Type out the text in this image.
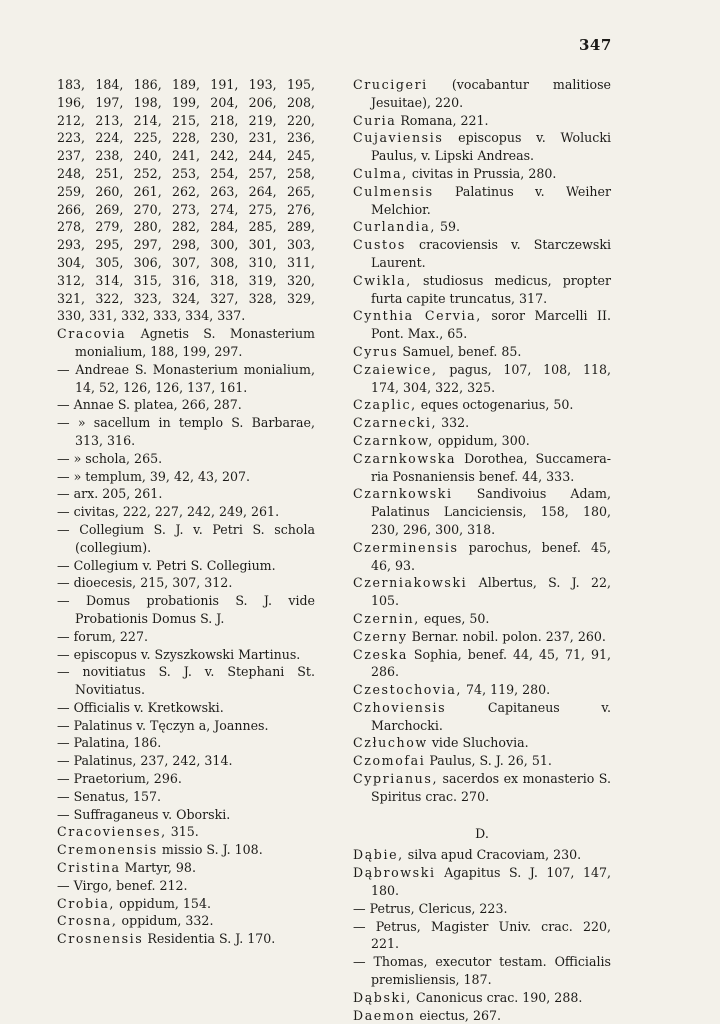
347

183, 184, 186, 189, 191, 193, 195,

196, 197, 198, 199, 204, 206, 208,

212, 213, 214, 215, 218, 219, 220,

223, 224, 225, 228, 230, 231, 236,

237, 238, 240, 241, 242, 244, 245,

248, 251, 252, 253, 254, 257, 258,

259, 260, 261, 262, 263, 264, 265,

266, 269, 270, 273, 274, 275, 276,

278, 279, 280, 282, 284, 285, 289,

293, 295, 297, 298, 300, 301, 303,

304, 305, 306, 307, 308, 310, 311,

312, 314, 315, 316, 318, 319, 320,

321, 322, 323, 324, 327, 328, 329,

330, 331, 332, 333, 334, 337.

Cracovia Agnetis S. Monasterium monialium, 188, 199, 297.

— Andreae S. Monasterium monialium, 14, 52, 126, 126, 137, 161.

— Annae S. platea, 266, 287.

— » sacellum in templo S. Barbarae, 313, 316.

— » schola, 265.

— » templum, 39, 42, 43, 207.

— arx. 205, 261.

— civitas, 222, 227, 242, 249, 261.

— Collegium S. J. v. Petri S. schola (collegium).

— Collegium v. Petri S. Collegium.

— dioecesis, 215, 307, 312.

— Domus probationis S. J. vide Probationis Domus S. J.

— forum, 227.

— episcopus v. Szyszkowski Martinus.

— novitiatus S. J. v. Stephani St. Novitiatus.

— Officialis v. Kretkowski.

— Palatinus v. Tęczyn a, Joannes.

— Palatina, 186.

— Palatinus, 237, 242, 314.

— Praetorium, 296.

— Senatus, 157.

— Suffraganeus v. Oborski.

Cracovienses, 315.

Cremonensis missio S. J. 108.

Cristina Martyr, 98.

— Virgo, benef. 212.

Crobia, oppidum, 154.

Crosna, oppidum, 332.

Crosnensis Residentia S. J. 170.

Crucigeri (vocabantur malitiose Jesuitae), 220.

Curia Romana, 221.

Cujaviensis episcopus v. Wolucki Paulus, v. Lipski Andreas.

Culma, civitas in Prussia, 280.

Culmensis Palatinus v. Weiher Melchior.

Curlandia, 59.

Custos cracoviensis v. Starczewski Laurent.

Cwikla, studiosus medicus, propter furta capite truncatus, 317.

Cynthia Cervia, soror Marcelli II. Pont. Max., 65.

Cyrus Samuel, benef. 85.

Czaiewice, pagus, 107, 108, 118, 174, 304, 322, 325.

Czaplic, eques octogenarius, 50.

Czarnecki, 332.

Czarnkow, oppidum, 300.

Czarnkowska Dorothea, Succameraria Posnaniensis benef. 44, 333.

Czarnkowski Sandivoius Adam, Palatinus Lanciciensis, 158, 180, 230, 296, 300, 318.

Czerminensis parochus, benef. 45, 46, 93.

Czerniakowski Albertus, S. J. 22, 105.

Czernin, eques, 50.

Czerny Bernar. nobil. polon. 237, 260.

Czeska Sophia, benef. 44, 45, 71, 91, 286.

Czestochovia, 74, 119, 280.

Czhoviensis	Capitaneus v. Marchocki.

Człuchow vide Sluchovia.

Czomofai Paulus, S. J. 26, 51.

Cyprianus, sacerdos ex monasterio S. Spiritus crac. 270.

D.

Dąbie, silva apud Cracoviam, 230.

Dąbrowski Agapitus S. J. 107, 147, 180.

— Petrus, Clericus, 223.

— Petrus, Magister Univ. crac. 220, 221.

— Thomas, executor testam. Officialis premisliensis, 187.

Dąbski, Canonicus crac. 190, 288.

Daemon eiectus, 267.
